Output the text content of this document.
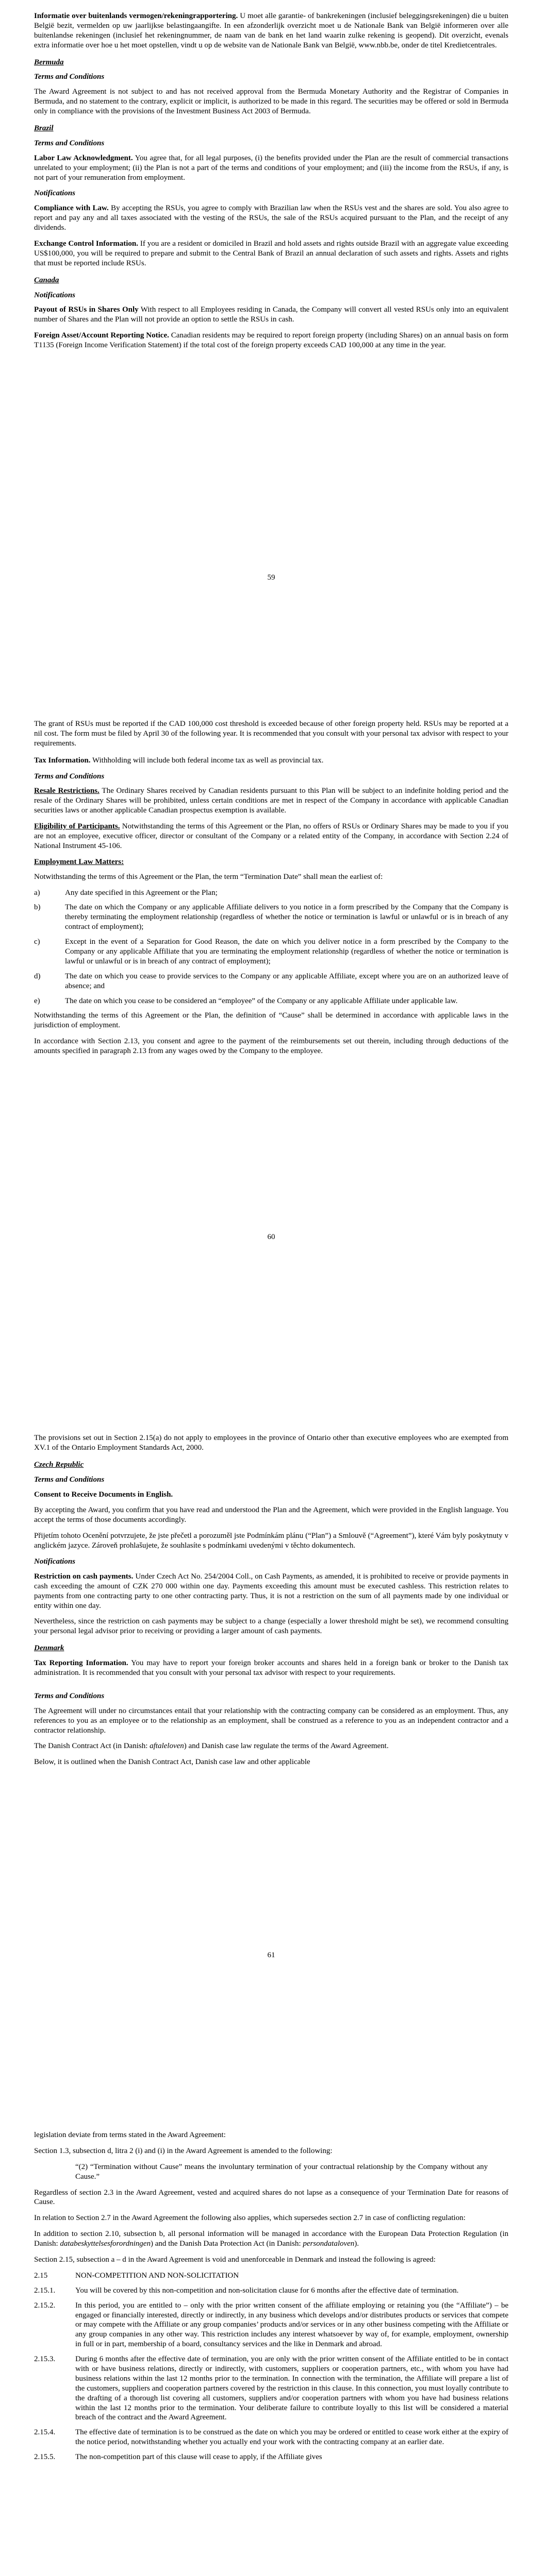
Informatie over buitenlands vermogen/rekeningrapportering. U moet alle garantie- of bankrekeningen (inclusief beleggingsrekeningen) die u buiten België bezit, vermelden op uw jaarlijkse belastingaangifte. In een afzonderlijk overzicht moet u de Nationale Bank van België informeren over alle buitenlandse rekeningen (inclusief het rekeningnummer, de naam van de bank en het land waarin zulke rekening is geopend). Dit overzicht, evenals extra informatie over hoe u het moet opstellen, vindt u op de website van de Nationale Bank van België, www.nbb.be, onder de titel Kredietcentrales.

Bermuda
Terms and Conditions

The Award Agreement is not subject to and has not received approval from the Bermuda Monetary Authority and the Registrar of Companies in Bermuda, and no statement to the contrary, explicit or implicit, is authorized to be made in this regard. The securities may be offered or sold in Bermuda only in compliance with the provisions of the Investment Business Act 2003 of Bermuda.

Brazil
Terms and Conditions

Labor Law Acknowledgment. You agree that, for all legal purposes, (i) the benefits provided under the Plan are the result of commercial transactions unrelated to your employment; (ii) the Plan is not a part of the terms and conditions of your employment; and (iii) the income from the RSUs, if any, is not part of your remuneration from employment.

Notifications

Compliance with Law. By accepting the RSUs, you agree to comply with Brazilian law when the RSUs vest and the shares are sold. You also agree to report and pay any and all taxes associated with the vesting of the RSUs, the sale of the RSUs acquired pursuant to the Plan, and the receipt of any dividends.

Exchange Control Information. If you are a resident or domiciled in Brazil and hold assets and rights outside Brazil with an aggregate value exceeding US$100,000, you will be required to prepare and submit to the Central Bank of Brazil an annual declaration of such assets and rights. Assets and rights that must be reported include RSUs.

Canada
Notifications

Payout of RSUs in Shares Only With respect to all Employees residing in Canada, the Company will convert all vested RSUs only into an equivalent number of Shares and the Plan will not provide an option to settle the RSUs in cash.

Foreign Asset/Account Reporting Notice. Canadian residents may be required to report foreign property (including Shares) on an annual basis on form T1135 (Foreign Income Verification Statement) if the total cost of the foreign property exceeds CAD 100,000 at any time in the year.

59

The grant of RSUs must be reported if the CAD 100,000 cost threshold is exceeded because of other foreign property held. RSUs may be reported at a nil cost. The form must be filed by April 30 of the following year. It is recommended that you consult with your personal tax advisor with respect to your requirements.

Tax Information. Withholding will include both federal income tax as well as provincial tax.

Terms and Conditions

Resale Restrictions. The Ordinary Shares received by Canadian residents pursuant to this Plan will be subject to an indefinite holding period and the resale of the Ordinary Shares will be prohibited, unless certain conditions are met in respect of the Company in accordance with applicable Canadian securities laws or another applicable Canadian prospectus exemption is available.

Eligibility of Participants. Notwithstanding the terms of this Agreement or the Plan, no offers of RSUs or Ordinary Shares may be made to you if you are not an employee, executive officer, director or consultant of the Company or a related entity of the Company, in accordance with Section 2.24 of National Instrument 45-106.

Employment Law Matters:

Notwithstanding the terms of this Agreement or the Plan, the term “Termination Date” shall mean the earliest of:

a)	Any date specified in this Agreement or the Plan;
b)	The date on which the Company or any applicable Affiliate delivers to you notice in a form prescribed by the Company that the Company is thereby terminating the employment relationship (regardless of whether the notice or termination is lawful or unlawful or is in breach of any contract of employment);
c)	Except in the event of a Separation for Good Reason, the date on which you deliver notice in a form prescribed by the Company to the Company or any applicable Affiliate that you are terminating the employment relationship (regardless of whether the notice or termination is lawful or unlawful or is in breach of any contract of employment);
d)	The date on which you cease to provide services to the Company or any applicable Affiliate, except where you are on an authorized leave of absence; and
e)	The date on which you cease to be considered an “employee” of the Company or any applicable Affiliate under applicable law.

Notwithstanding the terms of this Agreement or the Plan, the definition of “Cause” shall be determined in accordance with applicable laws in the jurisdiction of employment.

In accordance with Section 2.13, you consent and agree to the payment of the reimbursements set out therein, including through deductions of the amounts specified in paragraph 2.13 from any wages owed by the Company to the employee.

60

The provisions set out in Section 2.15(a) do not apply to employees in the province of Ontario other than executive employees who are exempted from XV.1 of the Ontario Employment Standards Act, 2000.

Czech Republic
Terms and Conditions
Consent to Receive Documents in English.

By accepting the Award, you confirm that you have read and understood the Plan and the Agreement, which were provided in the English language. You accept the terms of those documents accordingly.

Přijetím tohoto Ocenění potvrzujete, že jste přečetl a porozuměl jste Podmínkám plánu (“Plan”) a Smlouvě (“Agreement”), které Vám byly poskytnuty v anglickém jazyce. Zároveň prohlašujete, že souhlasíte s podmínkami uvedenými v těchto dokumentech.

Notifications

Restriction on cash payments. Under Czech Act No. 254/2004 Coll., on Cash Payments, as amended, it is prohibited to receive or provide payments in cash exceeding the amount of CZK 270 000 within one day. Payments exceeding this amount must be executed cashless. This restriction relates to payments from one contracting party to one other contracting party. Thus, it is not a restriction on the sum of all payments made by one individual or entity within one day.

Nevertheless, since the restriction on cash payments may be subject to a change (especially a lower threshold might be set), we recommend consulting your personal legal advisor prior to receiving or providing a larger amount of cash payments.

Denmark

Tax Reporting Information. You may have to report your foreign broker accounts and shares held in a foreign bank or broker to the Danish tax administration. It is recommended that you consult with your personal tax advisor with respect to your requirements.

Terms and Conditions

The Agreement will under no circumstances entail that your relationship with the contracting company can be considered as an employment. Thus, any references to you as an employee or to the relationship as an employment, shall be construed as a reference to you as an independent contractor and a contractor relationship.

The Danish Contract Act (in Danish: aftaleloven) and Danish case law regulate the terms of the Award Agreement.

Below, it is outlined when the Danish Contract Act, Danish case law and other applicable

61

legislation deviate from terms stated in the Award Agreement:

Section 1.3, subsection d, litra 2 (i) and (i) in the Award Agreement is amended to the following:

“(2) “Termination without Cause” means the involuntary termination of your contractual relationship by the Company without any Cause.”

Regardless of section 2.3 in the Award Agreement, vested and acquired shares do not lapse as a consequence of your Termination Date for reasons of Cause.

In relation to Section 2.7 in the Award Agreement the following also applies, which supersedes section 2.7 in case of conflicting regulation:

In addition to section 2.10, subsection b, all personal information will be managed in accordance with the European Data Protection Regulation (in Danish: databeskyttelsesforordningen) and the Danish Data Protection Act (in Danish: persondataloven).

Section 2.15, subsection a – d in the Award Agreement is void and unenforceable in Denmark and instead the following is agreed:

2.15	NON-COMPETITION AND NON-SOLICITATION
2.15.1.	You will be covered by this non-competition and non-solicitation clause for 6 months after the effective date of termination.
2.15.2.	In this period, you are entitled to – only with the prior written consent of the affiliate employing or retaining you (the “Affiliate”) – be engaged or financially interested, directly or indirectly, in any business which develops and/or distributes products or services that compete or may compete with the Affiliate or any group companies’ products and/or services or in any other business competing with the Affiliate or any group companies in any other way. This restriction includes any interest whatsoever by way of, for example, employment, ownership in full or in part, membership of a board, consultancy services and the like in Denmark and abroad.
2.15.3.	During 6 months after the effective date of termination, you are only with the prior written consent of the Affiliate entitled to be in contact with or have business relations, directly or indirectly, with customers, suppliers or cooperation partners, etc., with whom you have had business relations within the last 12 months prior to the termination. In connection with the termination, the Affiliate will prepare a list of the customers, suppliers and cooperation partners covered by the restriction in this clause. In this connection, you must loyally contribute to the drafting of a thorough list covering all customers, suppliers and/or cooperation partners with whom you have had business relations within the last 12 months prior to the termination. Your deliberate failure to contribute loyally to this list will be considered a material breach of the contract and the Award Agreement.
2.15.4.	The effective date of termination is to be construed as the date on which you may be ordered or entitled to cease work either at the expiry of the notice period, notwithstanding whether you actually end your work with the contracting company at an earlier date.
2.15.5.	The non-competition part of this clause will cease to apply, if the Affiliate gives
